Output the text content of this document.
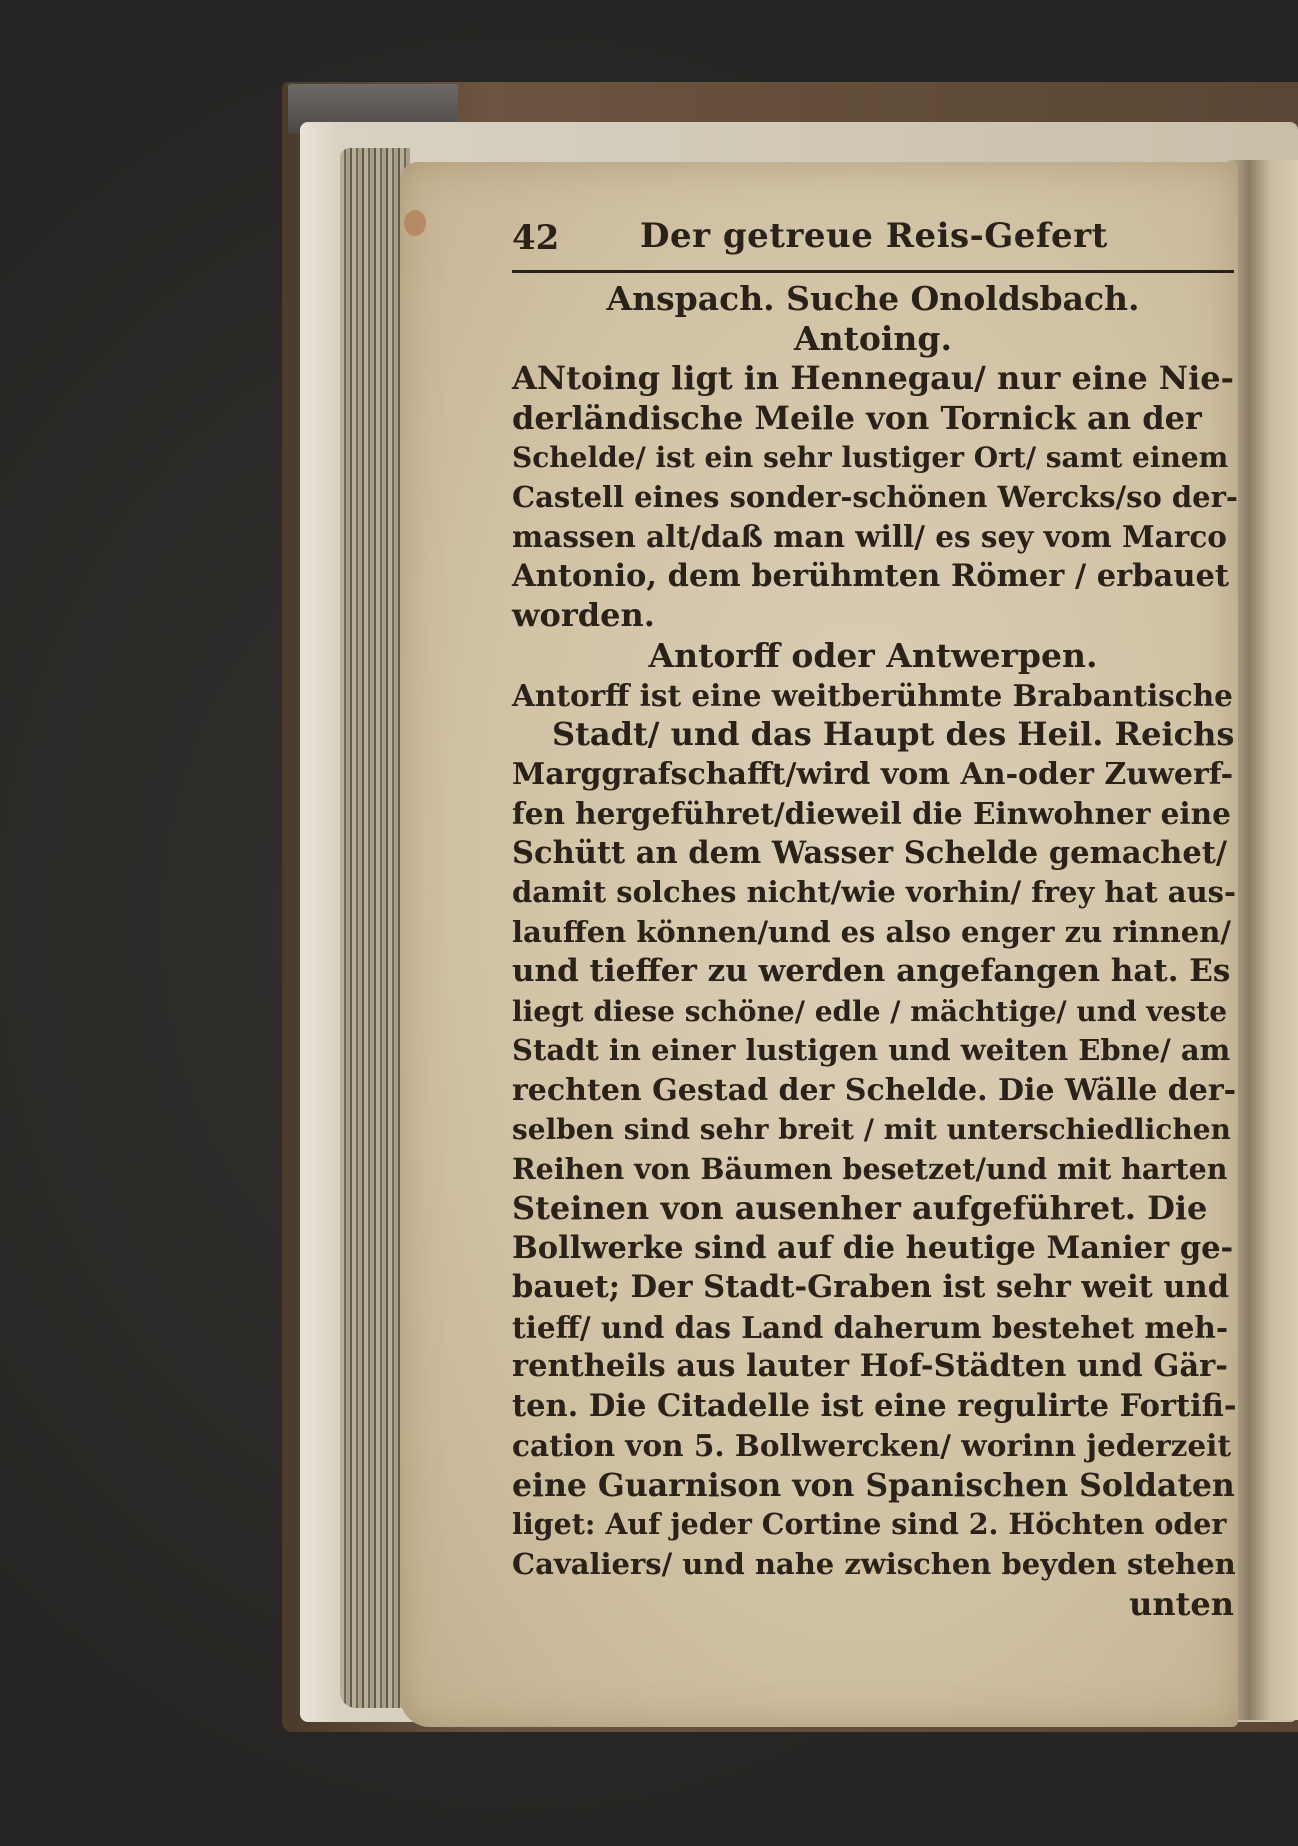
42 Der getreue Reis-Gefert
Anspach. Suche Onoldsbach.
Antoing.
ANtoing ligt in Hennegau/ nur eine Nie-
derländische Meile von Tornick an der
Schelde/ ist ein sehr lustiger Ort/ samt einem
Castell eines sonder-schönen Wercks/so der-
massen alt/daß man will/ es sey vom Marco
Antonio, dem berühmten Römer / erbauet
worden.
Antorff oder Antwerpen.
Antorff ist eine weitberühmte Brabantische
Stadt/ und das Haupt des Heil. Reichs
Marggrafschafft/wird vom An-oder Zuwerf-
fen hergeführet/dieweil die Einwohner eine
Schütt an dem Wasser Schelde gemachet/
damit solches nicht/wie vorhin/ frey hat aus-
lauffen können/und es also enger zu rinnen/
und tieffer zu werden angefangen hat. Es
liegt diese schöne/ edle / mächtige/ und veste
Stadt in einer lustigen und weiten Ebne/ am
rechten Gestad der Schelde. Die Wälle der-
selben sind sehr breit / mit unterschiedlichen
Reihen von Bäumen besetzet/und mit harten
Steinen von ausenher aufgeführet. Die
Bollwerke sind auf die heutige Manier ge-
bauet; Der Stadt-Graben ist sehr weit und
tieff/ und das Land daherum bestehet meh-
rentheils aus lauter Hof-Städten und Gär-
ten. Die Citadelle ist eine regulirte Fortifi-
cation von 5. Bollwercken/ worinn jederzeit
eine Guarnison von Spanischen Soldaten
liget: Auf jeder Cortine sind 2. Höchten oder
Cavaliers/ und nahe zwischen beyden stehen
unten
